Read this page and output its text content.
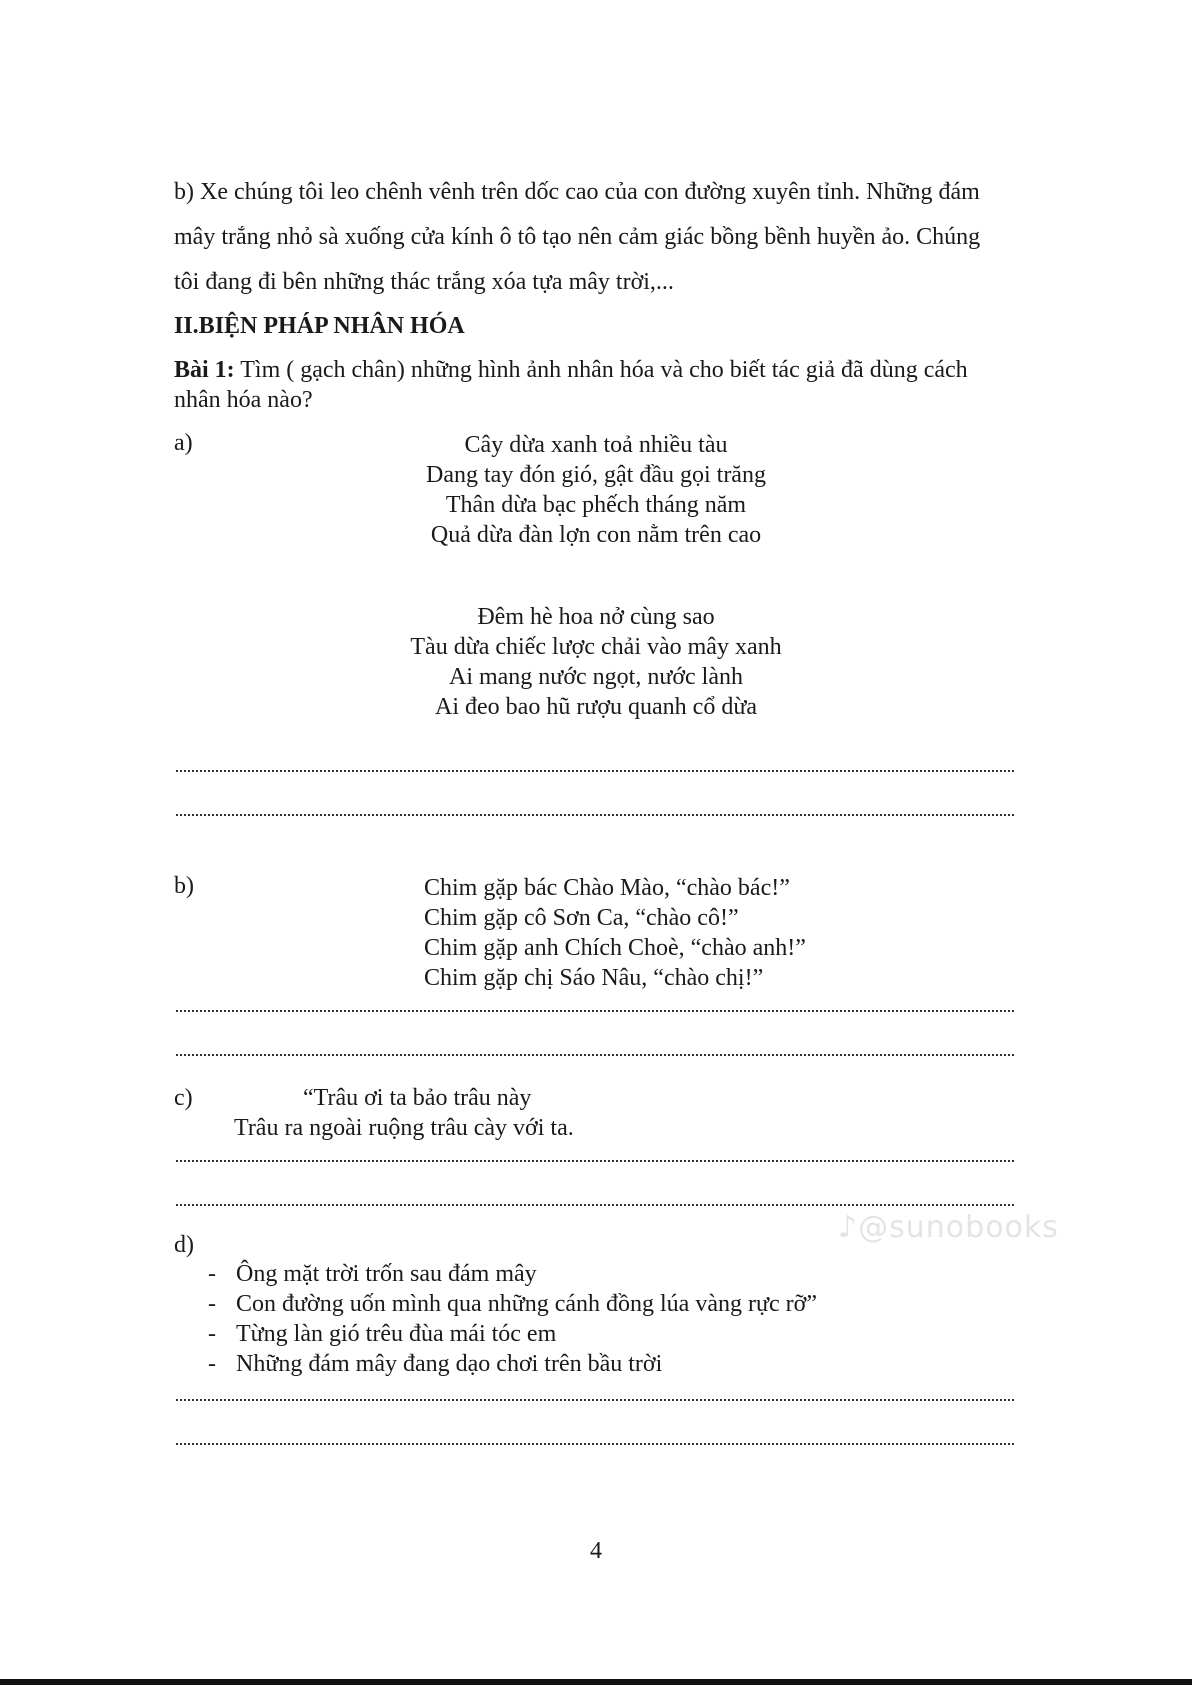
b) Xe chúng tôi leo chênh vênh trên dốc cao của con đường xuyên tỉnh. Những đám
mây trắng nhỏ sà xuống cửa kính ô tô tạo nên cảm giác bồng bềnh huyền ảo. Chúng
tôi đang đi bên những thác trắng xóa tựa mây trời,...
II.BIỆN PHÁP NHÂN HÓA
Bài 1: Tìm ( gạch chân) những hình ảnh nhân hóa và cho biết tác giả đã dùng cách
nhân hóa nào?
a)	Cây dừa xanh toả nhiều tàu
Dang tay đón gió, gật đầu gọi trăng
Thân dừa bạc phếch tháng năm
Quả dừa đàn lợn con nằm trên cao
Đêm hè hoa nở cùng sao
Tàu dừa chiếc lược chải vào mây xanh
Ai mang nước ngọt, nước lành
Ai đeo bao hũ rượu quanh cổ dừa
b)	Chim gặp bác Chào Mào, “chào bác!”
Chim gặp cô Sơn Ca, “chào cô!”
Chim gặp anh Chích Choè, “chào anh!”
Chim gặp chị Sáo Nâu, “chào chị!”
c)	“Trâu ơi ta bảo trâu này
Trâu ra ngoài ruộng trâu cày với ta.
d)
- Ông mặt trời trốn sau đám mây
- Con đường uốn mình qua những cánh đồng lúa vàng rực rỡ”
- Từng làn gió trêu đùa mái tóc em
- Những đám mây đang dạo chơi trên bầu trời
♪@sunobooks
4
